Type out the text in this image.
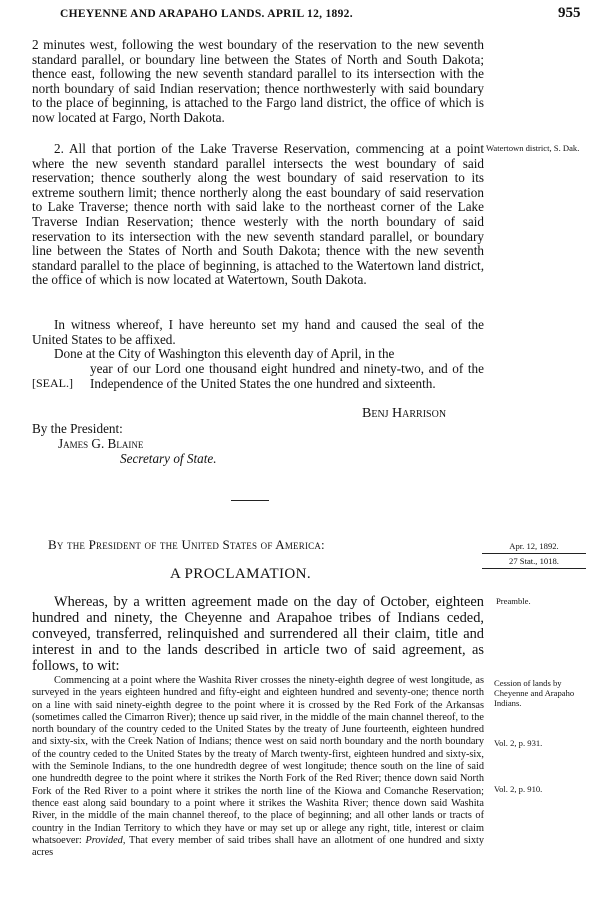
CHEYENNE AND ARAPAHO LANDS. APRIL 12, 1892.	955

2 minutes west, following the west boundary of the reservation to the new seventh standard parallel, or boundary line between the States of North and South Dakota; thence east, following the new seventh standard parallel to its intersection with the north boundary of said Indian reservation; thence northwesterly with said boundary to the place of beginning, is attached to the Fargo land district, the office of which is now located at Fargo, North Dakota.

2. All that portion of the Lake Traverse Reservation, commencing at a point where the new seventh standard parallel intersects the west boundary of said reservation; thence southerly along the west boundary of said reservation to its extreme southern limit; thence northerly along the east boundary of said reservation to Lake Traverse; thence north with said lake to the northeast corner of the Lake Traverse Indian Reservation; thence westerly with the north boundary of said reservation to its intersection with the new seventh standard parallel, or boundary line between the States of North and South Dakota; thence with the new seventh standard parallel to the place of beginning, is attached to the Watertown land district, the office of which is now located at Watertown, South Dakota.

In witness whereof, I have hereunto set my hand and caused the seal of the United States to be affixed.

Done at the City of Washington this eleventh day of April, in the

[SEAL.]

year of our Lord one thousand eight hundred and ninety-two, and of the Independence of the United States the one hundred and sixteenth.

Benj Harrison
By the President:
James G. Blaine
Secretary of State.
By the President of the United States of America:
A PROCLAMATION.

Whereas, by a written agreement made on the day of October, eighteen hundred and ninety, the Cheyenne and Arapahoe tribes of Indians ceded, conveyed, transferred, relinquished and surrendered all their claim, title and interest in and to the lands described in article two of said agreement, as follows, to wit:

Commencing at a point where the Washita River crosses the ninety-eighth degree of west longitude, as surveyed in the years eighteen hundred and fifty-eight and eighteen hundred and seventy-one; thence north on a line with said ninety-eighth degree to the point where it is crossed by the Red Fork of the Arkansas (sometimes called the Cimarron River); thence up said river, in the middle of the main channel thereof, to the north boundary of the country ceded to the United States by the treaty of June fourteenth, eighteen hundred and sixty-six, with the Creek Nation of Indians; thence west on said north boundary and the north boundary of the country ceded to the United States by the treaty of March twenty-first, eighteen hundred and sixty-six, with the Seminole Indians, to the one hundredth degree of west longitude; thence south on the line of said one hundredth degree to the point where it strikes the North Fork of the Red River; thence down said North Fork of the Red River to a point where it strikes the north line of the Kiowa and Comanche Reservation; thence east along said boundary to a point where it strikes the Washita River; thence down said Washita River, in the middle of the main channel thereof, to the place of beginning; and all other lands or tracts of country in the Indian Territory to which they have or may set up or allege any right, title, interest or claim whatsoever: Provided, That every member of said tribes shall have an allotment of one hundred and sixty acres

Watertown district, S. Dak.
Apr. 12, 1892.
27 Stat., 1018.
Preamble.
Cession of lands by Cheyenne and Arapaho Indians.
Vol. 2, p. 931.
Vol. 2, p. 910.
